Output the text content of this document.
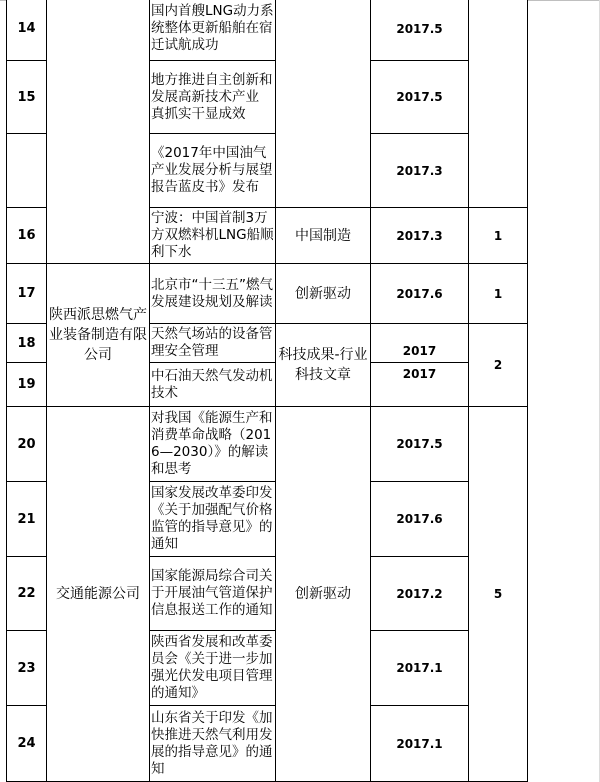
14		国内首艘LNG动力系统整体更新船舶在宿迁试航成功		2017.5	
15		地方推进自主创新和发展高新技术产业 真抓实干显成效		2017.5	
		《2017年中国油气产业发展分析与展望报告蓝皮书》发布		2017.3	
16		宁波：中国首制3万方双燃料机LNG船顺利下水	中国制造	2017.3	1
17	陕西派思燃气产业装备制造有限公司	北京市“十三五”燃气发展建设规划及解读	创新驱动	2017.6	1
18		天然气场站的设备管理安全管理	科技成果-行业科技文章	2017	2
19		中石油天然气发动机技术		2017	
20	交通能源公司	对我国《能源生产和消费革命战略（2016—2030）》的解读和思考	创新驱动	2017.5	5
21		国家发展改革委印发《关于加强配气价格监管的指导意见》的通知		2017.6	
22		国家能源局综合司关于开展油气管道保护信息报送工作的通知		2017.2	
23		陕西省发展和改革委员会《关于进一步加强光伏发电项目管理的通知》		2017.1	
24		山东省关于印发《加快推进天然气利用发展的指导意见》的通知		2017.1	
